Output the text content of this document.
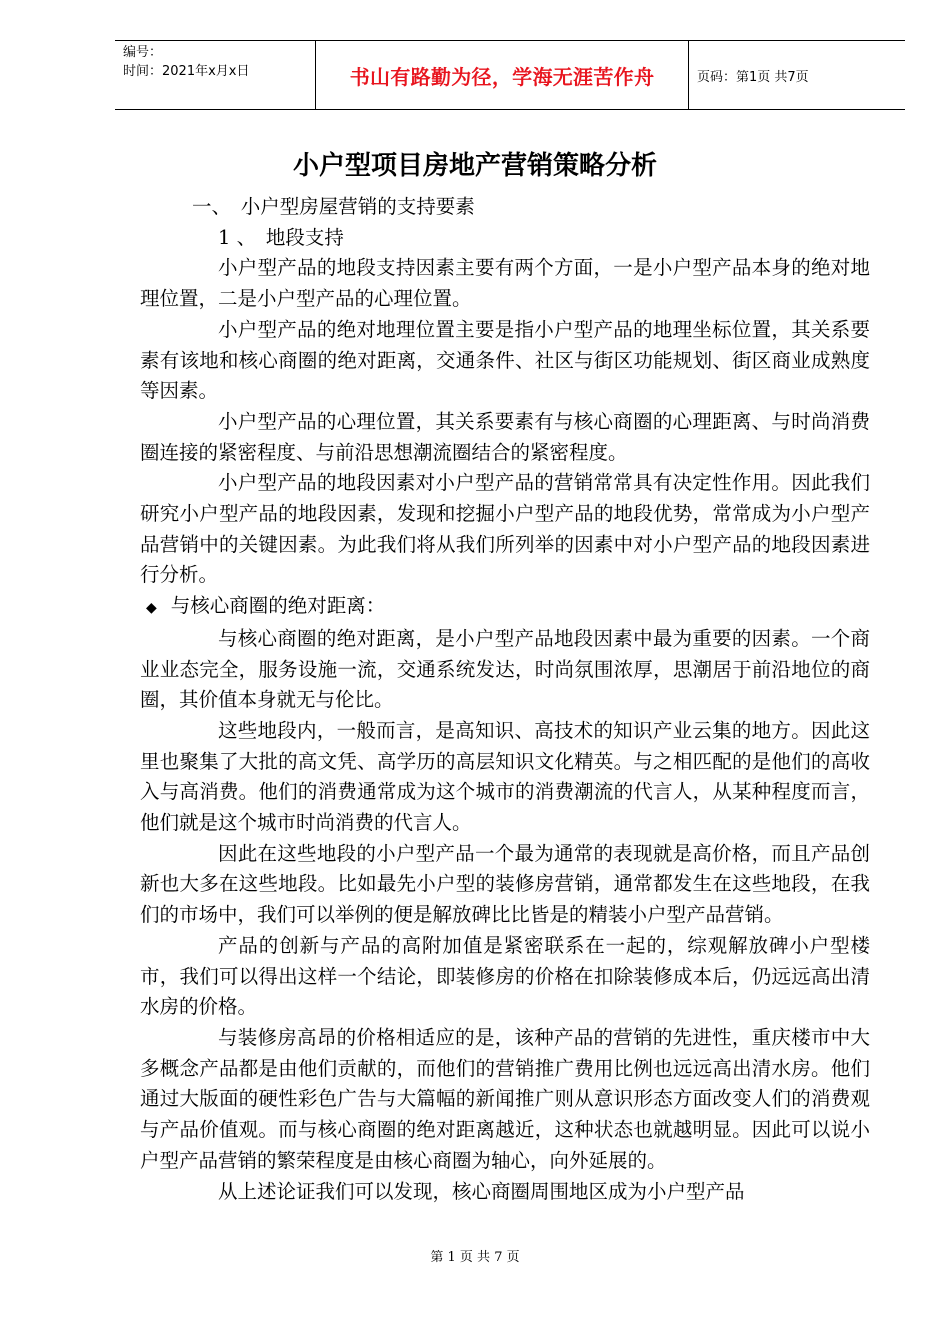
编号：
时间：2021年x月x日	书山有路勤为径，学海无涯苦作舟	页码：第1页 共7页
小户型项目房地产营销策略分析

一、　小户型房屋营销的支持要素

1 、　地段支持

小户型产品的地段支持因素主要有两个方面，一是小户型产品本身的绝对地理位置，二是小户型产品的心理位置。

小户型产品的绝对地理位置主要是指小户型产品的地理坐标位置，其关系要素有该地和核心商圈的绝对距离，交通条件、社区与街区功能规划、街区商业成熟度等因素。

小户型产品的心理位置，其关系要素有与核心商圈的心理距离、与时尚消费圈连接的紧密程度、与前沿思想潮流圈结合的紧密程度。

小户型产品的地段因素对小户型产品的营销常常具有决定性作用。因此我们研究小户型产品的地段因素，发现和挖掘小户型产品的地段优势，常常成为小户型产品营销中的关键因素。为此我们将从我们所列举的因素中对小户型产品的地段因素进行分析。

◆ 与核心商圈的绝对距离：

与核心商圈的绝对距离，是小户型产品地段因素中最为重要的因素。一个商业业态完全，服务设施一流，交通系统发达，时尚氛围浓厚，思潮居于前沿地位的商圈，其价值本身就无与伦比。

这些地段内，一般而言，是高知识、高技术的知识产业云集的地方。因此这里也聚集了大批的高文凭、高学历的高层知识文化精英。与之相匹配的是他们的高收入与高消费。他们的消费通常成为这个城市的消费潮流的代言人，从某种程度而言，他们就是这个城市时尚消费的代言人。

因此在这些地段的小户型产品一个最为通常的表现就是高价格，而且产品创新也大多在这些地段。比如最先小户型的装修房营销，通常都发生在这些地段，在我们的市场中，我们可以举例的便是解放碑比比皆是的精装小户型产品营销。

产品的创新与产品的高附加值是紧密联系在一起的，综观解放碑小户型楼市，我们可以得出这样一个结论，即装修房的价格在扣除装修成本后，仍远远高出清水房的价格。

与装修房高昂的价格相适应的是，该种产品的营销的先进性，重庆楼市中大多概念产品都是由他们贡献的，而他们的营销推广费用比例也远远高出清水房。他们通过大版面的硬性彩色广告与大篇幅的新闻推广则从意识形态方面改变人们的消费观与产品价值观。而与核心商圈的绝对距离越近，这种状态也就越明显。因此可以说小户型产品营销的繁荣程度是由核心商圈为轴心，向外延展的。

从上述论证我们可以发现，核心商圈周围地区成为小户型产品

第 1 页 共 7 页
